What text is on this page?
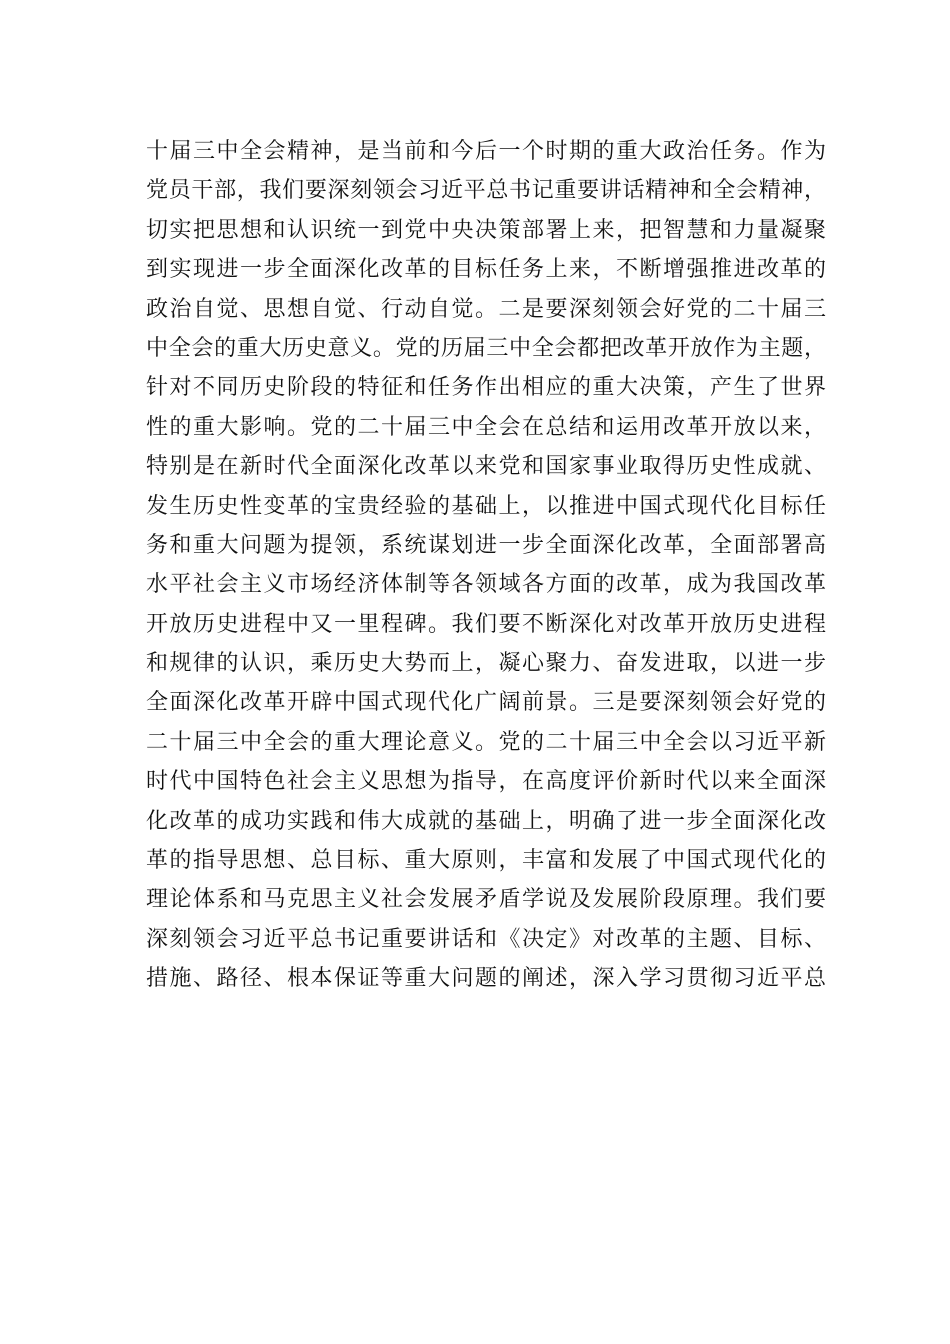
十届三中全会精神，是当前和今后一个时期的重大政治任务。作为
党员干部，我们要深刻领会习近平总书记重要讲话精神和全会精神，
切实把思想和认识统一到党中央决策部署上来，把智慧和力量凝聚
到实现进一步全面深化改革的目标任务上来，不断增强推进改革的
政治自觉、思想自觉、行动自觉。二是要深刻领会好党的二十届三
中全会的重大历史意义。党的历届三中全会都把改革开放作为主题，
针对不同历史阶段的特征和任务作出相应的重大决策，产生了世界
性的重大影响。党的二十届三中全会在总结和运用改革开放以来，
特别是在新时代全面深化改革以来党和国家事业取得历史性成就、
发生历史性变革的宝贵经验的基础上，以推进中国式现代化目标任
务和重大问题为提领，系统谋划进一步全面深化改革，全面部署高
水平社会主义市场经济体制等各领域各方面的改革，成为我国改革
开放历史进程中又一里程碑。我们要不断深化对改革开放历史进程
和规律的认识，乘历史大势而上，凝心聚力、奋发进取，以进一步
全面深化改革开辟中国式现代化广阔前景。三是要深刻领会好党的
二十届三中全会的重大理论意义。党的二十届三中全会以习近平新
时代中国特色社会主义思想为指导，在高度评价新时代以来全面深
化改革的成功实践和伟大成就的基础上，明确了进一步全面深化改
革的指导思想、总目标、重大原则，丰富和发展了中国式现代化的
理论体系和马克思主义社会发展矛盾学说及发展阶段原理。我们要
深刻领会习近平总书记重要讲话和《决定》对改革的主题、目标、
措施、路径、根本保证等重大问题的阐述，深入学习贯彻习近平总
